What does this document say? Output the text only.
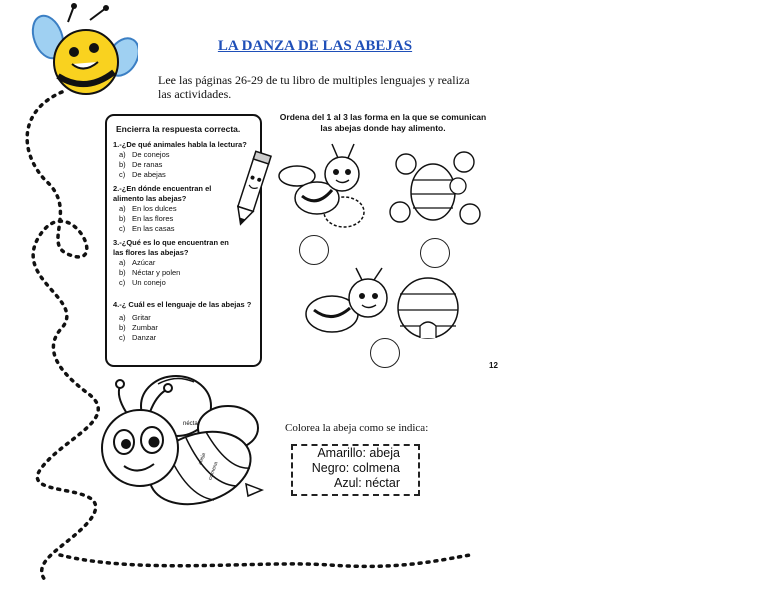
LA DANZA DE LAS ABEJAS
Lee las páginas 26-29 de tu libro de multiples lenguajes y realiza las actividades.
Encierra la respuesta correcta.
1.-¿De qué animales habla la lectura?
a) De conejos
b) De ranas
c) De abejas
2.-¿En dónde encuentran el alimento las abejas?
a) En los dulces
b) En las flores
c) En las casas
3.-¿Qué es lo que encuentran en las flores las abejas?
a) Azúcar
b) Néctar y polen
c) Un conejo
4.-¿ Cuál es el lenguaje de las abejas ?
a) Gritar
b) Zumbar
c) Danzar
Ordena del 1 al 3 las forma en la que se comunican las abejas donde hay alimento.
12
néctar
abeja
colmena
Colorea la abeja como se indica:
Amarillo: abeja
Negro: colmena
Azul: néctar
